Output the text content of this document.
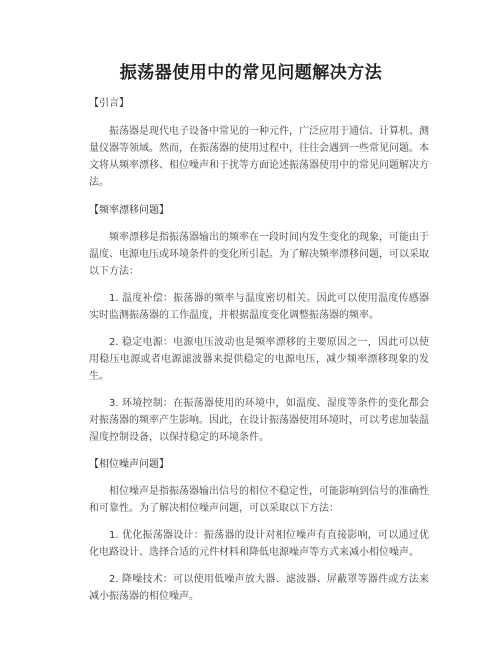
振荡器使用中的常见问题解决方法

【引言】

振荡器是现代电子设备中常见的一种元件，广泛应用于通信、计算机、测量仪器等领域。然而，在振荡器的使用过程中，往往会遇到一些常见问题。本文将从频率漂移、相位噪声和干扰等方面论述振荡器使用中的常见问题解决方法。

【频率漂移问题】

频率漂移是指振荡器输出的频率在一段时间内发生变化的现象，可能由于温度、电源电压或环境条件的变化所引起。为了解决频率漂移问题，可以采取以下方法：

1. 温度补偿：振荡器的频率与温度密切相关。因此可以使用温度传感器实时监测振荡器的工作温度，并根据温度变化调整振荡器的频率。

2. 稳定电源：电源电压波动也是频率漂移的主要原因之一，因此可以使用稳压电源或者电源滤波器来提供稳定的电源电压，减少频率漂移现象的发生。

3. 环境控制：在振荡器使用的环境中，如温度、湿度等条件的变化都会对振荡器的频率产生影响。因此，在设计振荡器使用环境时，可以考虑加装温湿度控制设备，以保持稳定的环境条件。

【相位噪声问题】

相位噪声是指振荡器输出信号的相位不稳定性，可能影响到信号的准确性和可靠性。为了解决相位噪声问题，可以采取以下方法：

1. 优化振荡器设计：振荡器的设计对相位噪声有直接影响，可以通过优化电路设计、选择合适的元件材料和降低电源噪声等方式来减小相位噪声。

2. 降噪技术：可以使用低噪声放大器、滤波器、屏蔽罩等器件或方法来减小振荡器的相位噪声。
